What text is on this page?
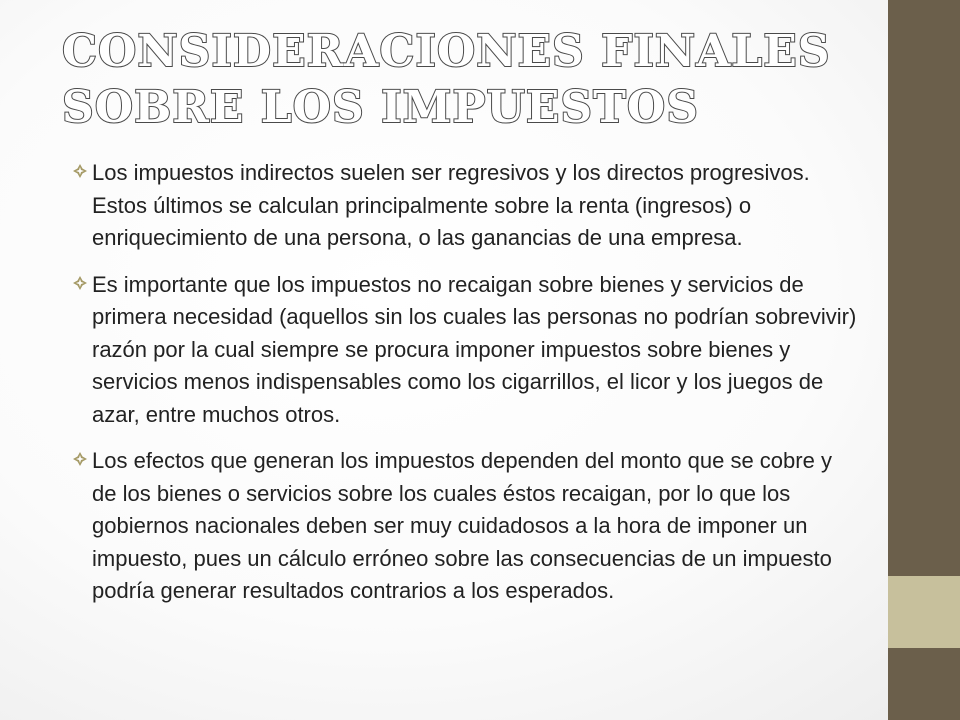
CONSIDERACIONES FINALES SOBRE LOS IMPUESTOS
Los impuestos indirectos suelen ser regresivos y los directos progresivos. Estos últimos se calculan principalmente sobre la renta (ingresos) o enriquecimiento de una persona, o las ganancias de una empresa.
Es importante que los impuestos no recaigan sobre bienes y servicios de primera necesidad (aquellos sin los cuales las personas no podrían sobrevivir) razón por la cual siempre se procura imponer impuestos sobre bienes y servicios menos indispensables como los cigarrillos, el licor y los juegos de azar, entre muchos otros.
Los efectos que generan los impuestos dependen del monto que se cobre y de los bienes o servicios sobre los cuales éstos recaigan, por lo que los gobiernos nacionales deben ser muy cuidadosos a la hora de imponer un impuesto, pues un cálculo erróneo sobre las consecuencias de un impuesto podría generar resultados contrarios a los esperados.
